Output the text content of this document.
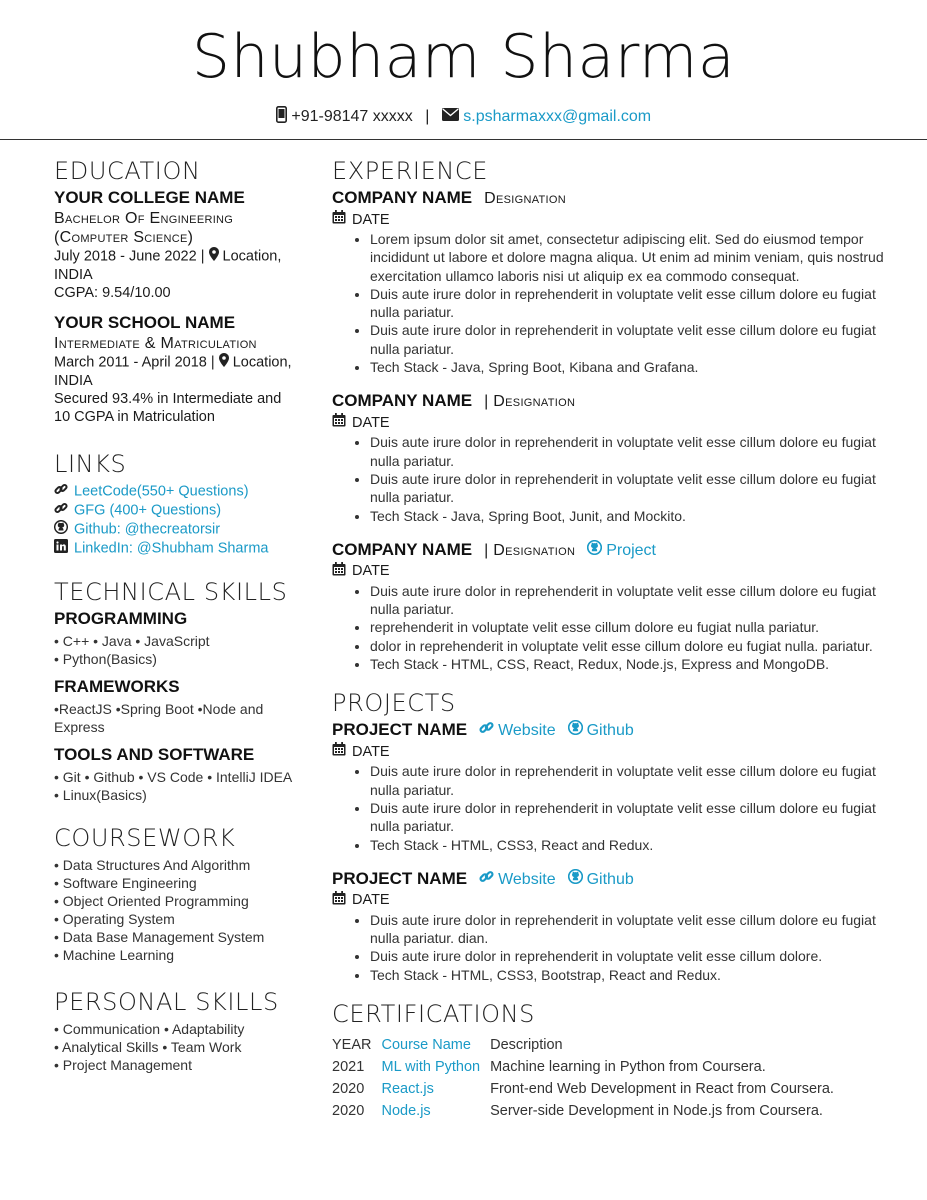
Shubham Sharma
+91-98147 xxxxx | s.psharmaxxx@gmail.com
EDUCATION
YOUR COLLEGE NAME
Bachelor Of Engineering
(Computer Science)
July 2018 - June 2022 | Location,
INDIA
CGPA: 9.54/10.00
YOUR SCHOOL NAME
Intermediate & Matriculation
March 2011 - April 2018 | Location,
INDIA
Secured 93.4% in Intermediate and
10 CGPA in Matriculation
LINKS
LeetCode(550+ Questions)
GFG (400+ Questions)
Github: @thecreatorsir
LinkedIn: @Shubham Sharma
TECHNICAL SKILLS
PROGRAMMING
• C++ • Java • JavaScript
• Python(Basics)
FRAMEWORKS
•ReactJS •Spring Boot •Node and
Express
TOOLS AND SOFTWARE
• Git • Github • VS Code • IntelliJ IDEA
• Linux(Basics)
COURSEWORK
• Data Structures And Algorithm
• Software Engineering
• Object Oriented Programming
• Operating System
• Data Base Management System
• Machine Learning
PERSONAL SKILLS
• Communication • Adaptability
• Analytical Skills • Team Work
• Project Management
EXPERIENCE
COMPANY NAME Designation
DATE
• Lorem ipsum dolor sit amet, consectetur adipiscing elit. Sed do eiusmod tempor incididunt ut labore et dolore magna aliqua. Ut enim ad minim veniam, quis nostrud exercitation ullamco laboris nisi ut aliquip ex ea commodo consequat.
• Duis aute irure dolor in reprehenderit in voluptate velit esse cillum dolore eu fugiat nulla pariatur.
• Duis aute irure dolor in reprehenderit in voluptate velit esse cillum dolore eu fugiat nulla pariatur.
• Tech Stack - Java, Spring Boot, Kibana and Grafana.
COMPANY NAME | Designation
DATE
• Duis aute irure dolor in reprehenderit in voluptate velit esse cillum dolore eu fugiat nulla pariatur.
• Duis aute irure dolor in reprehenderit in voluptate velit esse cillum dolore eu fugiat nulla pariatur.
• Tech Stack - Java, Spring Boot, Junit, and Mockito.
COMPANY NAME | Designation Project
DATE
• Duis aute irure dolor in reprehenderit in voluptate velit esse cillum dolore eu fugiat nulla pariatur.
• reprehenderit in voluptate velit esse cillum dolore eu fugiat nulla pariatur.
• dolor in reprehenderit in voluptate velit esse cillum dolore eu fugiat nulla. pariatur.
• Tech Stack - HTML, CSS, React, Redux, Node.js, Express and MongoDB.
PROJECTS
PROJECT NAME Website Github
DATE
• Duis aute irure dolor in reprehenderit in voluptate velit esse cillum dolore eu fugiat nulla pariatur.
• Duis aute irure dolor in reprehenderit in voluptate velit esse cillum dolore eu fugiat nulla pariatur.
• Tech Stack - HTML, CSS3, React and Redux.
PROJECT NAME Website Github
DATE
• Duis aute irure dolor in reprehenderit in voluptate velit esse cillum dolore eu fugiat nulla pariatur. dian.
• Duis aute irure dolor in reprehenderit in voluptate velit esse cillum dolore.
• Tech Stack - HTML, CSS3, Bootstrap, React and Redux.
CERTIFICATIONS
YEAR	Course Name	Description
2021	ML with Python	Machine learning in Python from Coursera.
2020	React.js	Front-end Web Development in React from Coursera.
2020	Node.js	Server-side Development in Node.js from Coursera.
